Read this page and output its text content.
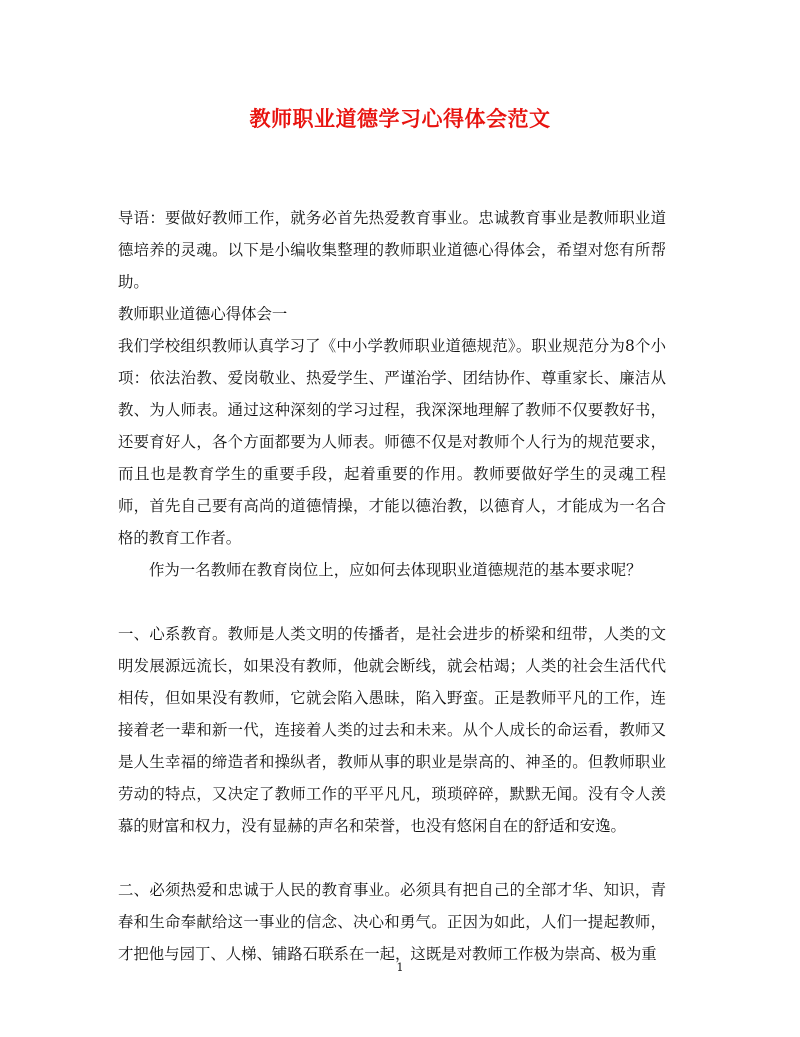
教师职业道德学习心得体会范文

导语：要做好教师工作，就务必首先热爱教育事业。忠诚教育事业是教师职业道德培养的灵魂。以下是小编收集整理的教师职业道德心得体会，希望对您有所帮助。

教师职业道德心得体会一

我们学校组织教师认真学习了《中小学教师职业道德规范》。职业规范分为8个小项：依法治教、爱岗敬业、热爱学生、严谨治学、团结协作、尊重家长、廉洁从教、为人师表。通过这种深刻的学习过程，我深深地理解了教师不仅要教好书，还要育好人，各个方面都要为人师表。师德不仅是对教师个人行为的规范要求，而且也是教育学生的重要手段，起着重要的作用。教师要做好学生的灵魂工程师，首先自己要有高尚的道德情操，才能以德治教，以德育人，才能成为一名合格的教育工作者。

作为一名教师在教育岗位上，应如何去体现职业道德规范的基本要求呢？

一、心系教育。教师是人类文明的传播者，是社会进步的桥梁和纽带，人类的文明发展源远流长，如果没有教师，他就会断线，就会枯竭；人类的社会生活代代相传，但如果没有教师，它就会陷入愚昧，陷入野蛮。正是教师平凡的工作，连接着老一辈和新一代，连接着人类的过去和未来。从个人成长的命运看，教师又是人生幸福的缔造者和操纵者，教师从事的职业是崇高的、神圣的。但教师职业劳动的特点，又决定了教师工作的平平凡凡，琐琐碎碎，默默无闻。没有令人羡慕的财富和权力，没有显赫的声名和荣誉，也没有悠闲自在的舒适和安逸。

二、必须热爱和忠诚于人民的教育事业。必须具有把自己的全部才华、知识，青春和生命奉献给这一事业的信念、决心和勇气。正因为如此，人们一提起教师，才把他与园丁、人梯、铺路石联系在一起，这既是对教师工作极为崇高、极为重

1
